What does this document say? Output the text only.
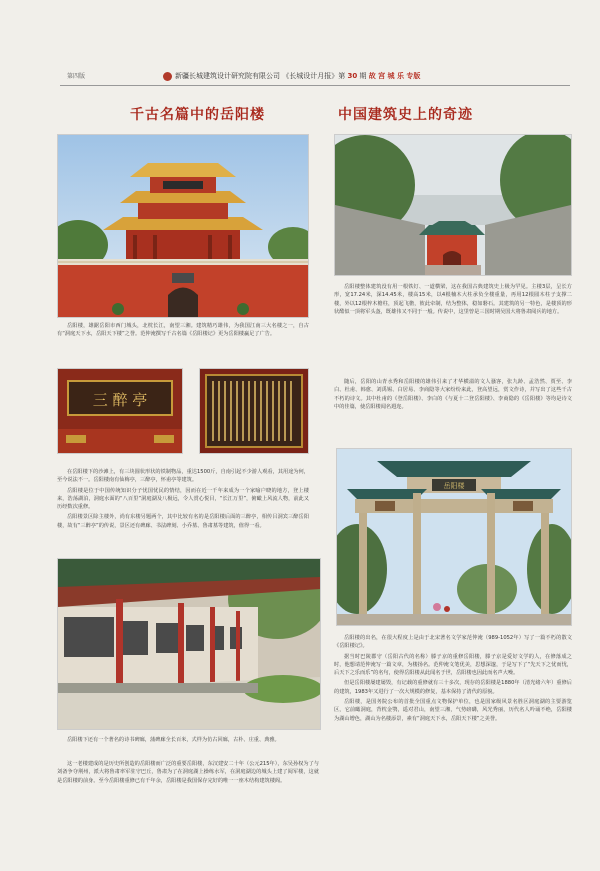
第四版	新疆长城建筑设计研究院有限公司 《长城设计月报》第 30 期 故 宫 城 乐 专版
千古名篇中的岳阳楼	中国建筑史上的奇迹

岳阳楼，雄踞岳阳市西门城头，北枕长江，南望三湘。建筑精巧雄伟，为我国江南三大名楼之一，自古有“洞庭天下水，岳阳天下楼”之誉。范仲淹撰写千古名篇《岳阳楼记》更为岳阳楼赢足了广告。

三 醉 亭

在岳阳楼下的沙滩上，有三块圆状形状的铁制物品，重达1500斤，自南引起不少游人观看，其用途为何，至今说法不一。岳阳楼南有仙梅亭，三醉亭，怀甫亭等建筑。

岳阳楼是位于中国传统知识分子忧国忧民的情结，因而在近一千年来成为一个家喻户晓的地方，登上楼来，浩荡湖泊，洞庭水面的“八百里”洞庭湖及八极远，令人赏心悦目，“长江万里”，俯瞰上风流人物，前此又历经数次重修。

岳阳楼景区除主楼外，尚有东楼另题两个，其中比较有名的是岳阳楼后面的三醉亭，相传吕洞宾三醉岳阳楼，故有“三醉亭”的传说，景区还有碑廊、书法碑刻、小乔墓、鲁肃墓等建筑，值得一看。

岳阳楼下还有一个著名的诗书碑廊，蒲碑廊全长百米，式样为仿古回廊，古朴、庄重、典雅。

这一老楼建成的是历史所创造的岳阳楼而广泛的重要岳阳楼，东汉建安二十年（公元215年），东吴孙权为了与刘备争夺荆州，派大将鲁肃率军驻守巴丘，鲁肃为了在洞庭湖上操练水军，在洞庭湖边的城头上建了阅军楼，这就是岳阳楼的前身。至今岳阳楼重修已有千年余，岳阳楼是我国保存完好的唯一一座木结构建筑楼阁。

岳阳楼整体建筑没有用一根铁钉、一道横梁，这在我国古典建筑史上极为罕见。主楼3层，呈长方形，宽17.24米，深14.45米，楼高15米，以4根楠木大柱承负全楼重量，再用12根圆木柱子支撑二楼，外以12根梓木檐柱，顶起飞檐，彼此牵制，结为整体，稳如磐石。其建筑的另一特色，是楼顶的形状酷似一顶将军头盔，既雄伟又不同于一般。传说中，这里曾是三国时期吴国大将鲁肃阅兵的地方。

随后，岳阳的山青水秀和岳阳楼的雄伟引来了才华横溢的文人骚客，张九龄、孟浩然、贾至、李白、杜甫、韩愈、刘禹锡、白居易、李商隐等大家纷纷来此，登高望远，赏文作诗，并写出了这些千古不朽的诗文。其中杜甫的《登岳阳楼》、李白的《与夏十二登岳阳楼》、李商隐的《岳阳楼》等均是诗文中的佳篇，使岳阳楼闻名遐迩。

岳阳楼

岳阳楼的出名，在很大程度上是由于北宋著名文学家范仲淹（989-1052年）写了一篇不朽的散文《岳阳楼记》。

据当时巴陵郡守（岳阳古代的名称）滕子京的重修岳阳楼，滕子京是爱好文学的人，在修落成之时，他想请范仲淹写一篇文章，为楼扬名。范仲淹文笔优美，思想深邃，于是写下了“先天下之忧而忧，后天下之乐而乐”的名句，使得岳阳楼从此闻名于世，岳阳楼也因此而名声大噪。

但是岳阳楼屡建屡毁，有记载的重修就有三十多次，现存的岳阳楼是1880年（清光绪六年）重修后的建筑，1983年又进行了一次大规模的修复，基本保持了清代的原貌。

岳阳楼，是国务院公布的首批全国重点文物保护单位，也是国家级风景名胜区洞庭湖的主要游览区，它前瞰洞庭，背枕金鹗，遥对君山，南望三湘，气势磅礴，风光秀丽，历代名人吟诵不绝，岳阳楼为湖山增色，湖山为名楼添景，素有“洞庭天下水，岳阳天下楼”之美誉。
